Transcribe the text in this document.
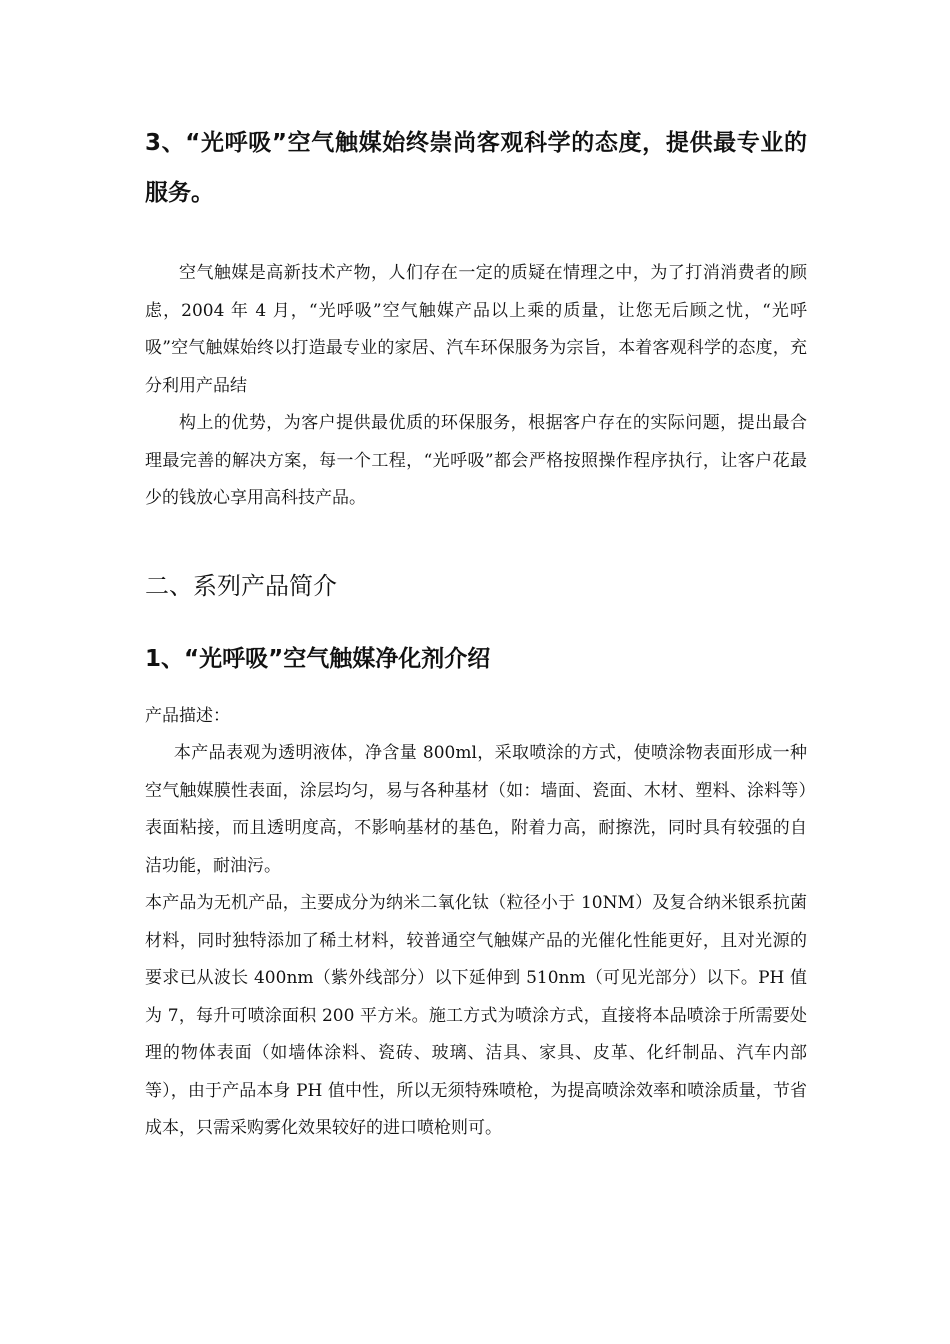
3、“光呼吸”空气触媒始终崇尚客观科学的态度，提供最专业的服务。

空气触媒是高新技术产物，人们存在一定的质疑在情理之中，为了打消消费者的顾虑，2004 年 4 月，“光呼吸”空气触媒产品以上乘的质量，让您无后顾之忧，“光呼吸”空气触媒始终以打造最专业的家居、汽车环保服务为宗旨，本着客观科学的态度，充分利用产品结

构上的优势，为客户提供最优质的环保服务，根据客户存在的实际问题，提出最合理最完善的解决方案，每一个工程，“光呼吸”都会严格按照操作程序执行，让客户花最少的钱放心享用高科技产品。

二、系列产品简介
1、“光呼吸”空气触媒净化剂介绍

产品描述：

本产品表观为透明液体，净含量 800ml，采取喷涂的方式，使喷涂物表面形成一种空气触媒膜性表面，涂层均匀，易与各种基材（如：墙面、瓷面、木材、塑料、涂料等）表面粘接，而且透明度高，不影响基材的基色，附着力高，耐擦洗，同时具有较强的自洁功能，耐油污。

本产品为无机产品，主要成分为纳米二氧化钛（粒径小于 10NM）及复合纳米银系抗菌材料，同时独特添加了稀土材料，较普通空气触媒产品的光催化性能更好，且对光源的要求已从波长 400nm（紫外线部分）以下延伸到 510nm（可见光部分）以下。PH 值为 7，每升可喷涂面积 200 平方米。施工方式为喷涂方式，直接将本品喷涂于所需要处理的物体表面（如墙体涂料、瓷砖、玻璃、洁具、家具、皮革、化纤制品、汽车内部等），由于产品本身 PH 值中性，所以无须特殊喷枪，为提高喷涂效率和喷涂质量，节省成本，只需采购雾化效果较好的进口喷枪则可。
